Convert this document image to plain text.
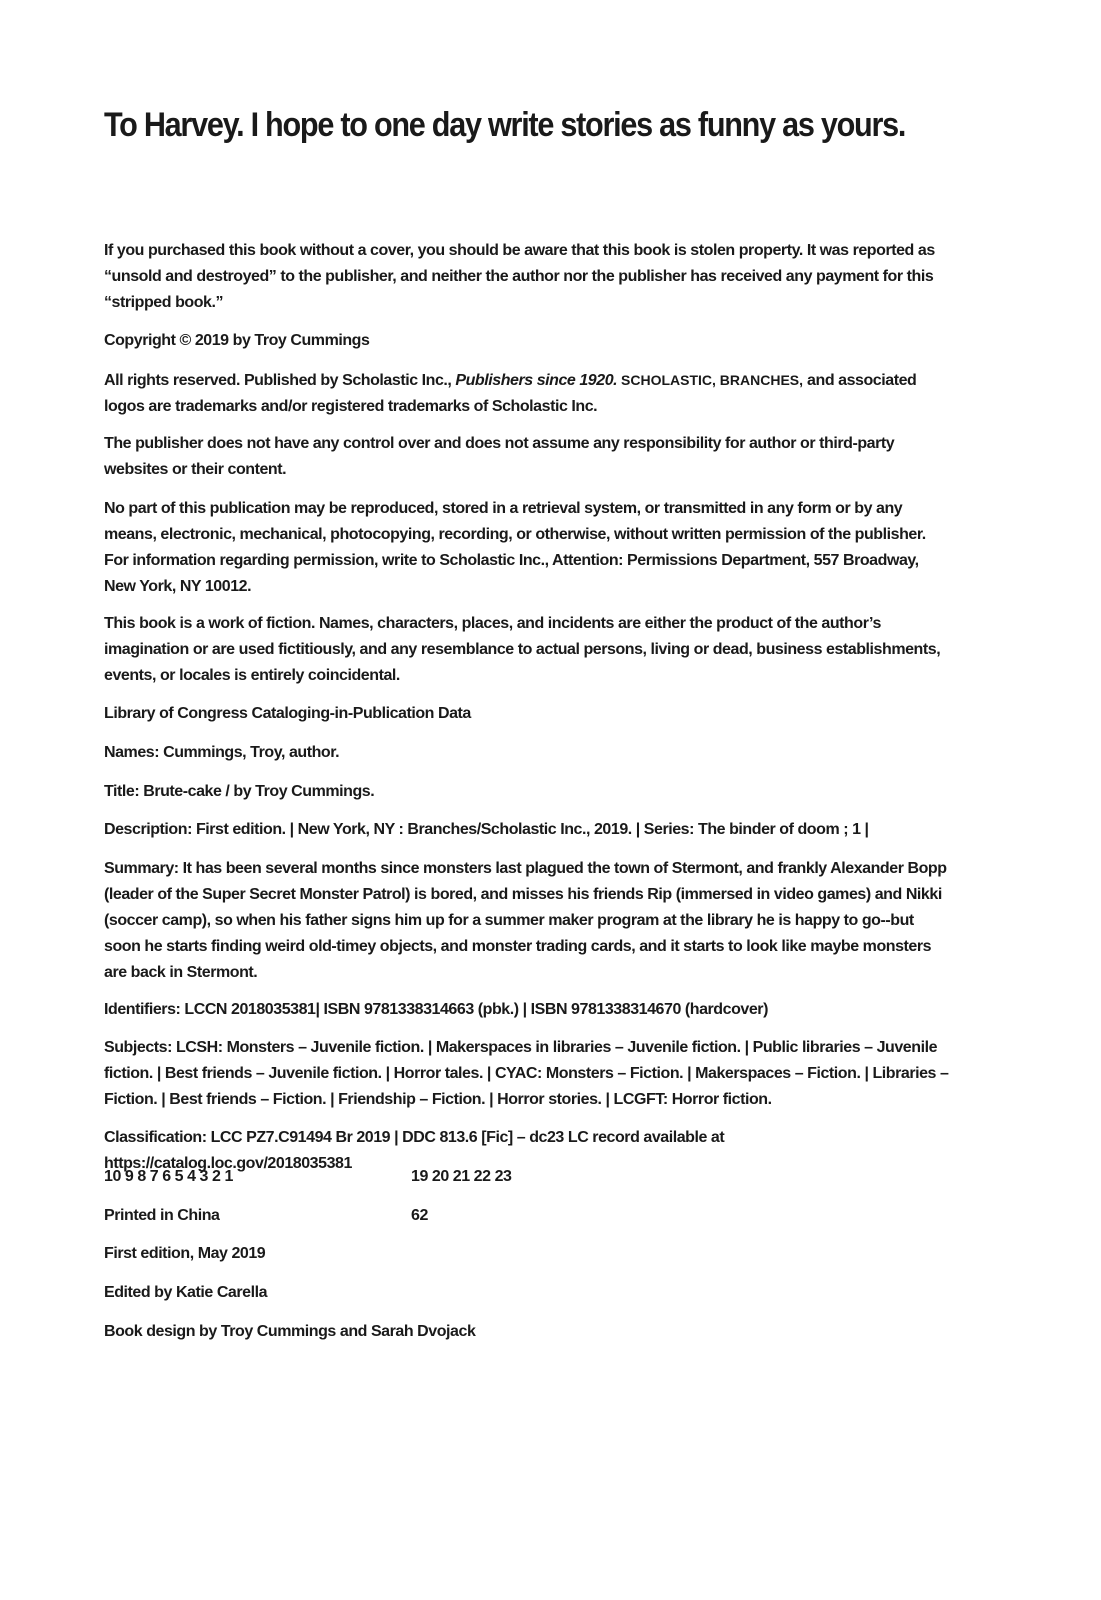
To Harvey. I hope to one day write stories as funny as yours.

If you purchased this book without a cover, you should be aware that this book is stolen property. It was reported as “unsold and destroyed” to the publisher, and neither the author nor the publisher has received any payment for this “stripped book.”

Copyright © 2019 by Troy Cummings

All rights reserved. Published by Scholastic Inc., Publishers since 1920. SCHOLASTIC, BRANCHES, and associated logos are trademarks and/or registered trademarks of Scholastic Inc.

The publisher does not have any control over and does not assume any responsibility for author or third-party websites or their content.

No part of this publication may be reproduced, stored in a retrieval system, or transmitted in any form or by any means, electronic, mechanical, photocopying, recording, or otherwise, without written permission of the publisher.

For information regarding permission, write to Scholastic Inc., Attention: Permissions Department, 557 Broadway, New York, NY 10012.

This book is a work of fiction. Names, characters, places, and incidents are either the product of the author’s imagination or are used fictitiously, and any resemblance to actual persons, living or dead, business establishments, events, or locales is entirely coincidental.

Library of Congress Cataloging-in-Publication Data

Names: Cummings, Troy, author.

Title: Brute-cake / by Troy Cummings.

Description: First edition. | New York, NY : Branches/Scholastic Inc., 2019. | Series: The binder of doom ; 1 |

Summary: It has been several months since monsters last plagued the town of Stermont, and frankly Alexander Bopp (leader of the Super Secret Monster Patrol) is bored, and misses his friends Rip (immersed in video games) and Nikki (soccer camp), so when his father signs him up for a summer maker program at the library he is happy to go--but soon he starts finding weird old-timey objects, and monster trading cards, and it starts to look like maybe monsters are back in Stermont.

Identifiers: LCCN 2018035381| ISBN 9781338314663 (pbk.) | ISBN 9781338314670 (hardcover)

Subjects: LCSH: Monsters – Juvenile fiction. | Makerspaces in libraries – Juvenile fiction. | Public libraries – Juvenile fiction. | Best friends – Juvenile fiction. | Horror tales. | CYAC: Monsters – Fiction. | Makerspaces – Fiction. | Libraries – Fiction. | Best friends – Fiction. | Friendship – Fiction. | Horror stories. | LCGFT: Horror fiction.

Classification: LCC PZ7.C91494 Br 2019 | DDC 813.6 [Fic] – dc23 LC record available at https://catalog.loc.gov/2018035381

10 9 8 7 6 5 4 3 2 1	19 20 21 22 23
Printed in China	62

First edition, May 2019

Edited by Katie Carella

Book design by Troy Cummings and Sarah Dvojack
